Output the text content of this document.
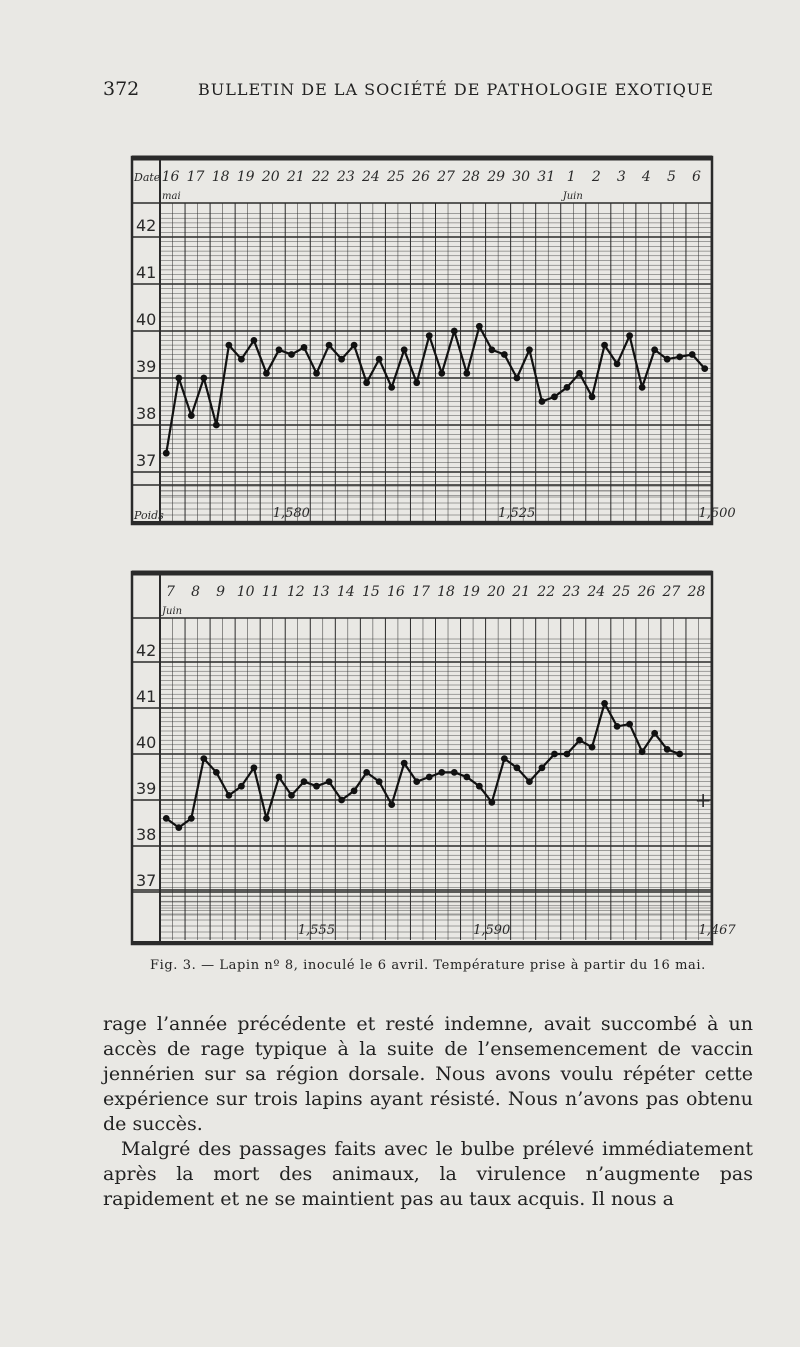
372	BULLETIN DE LA SOCIÉTÉ DE PATHOLOGIE EXOTIQUE
42
41
40
39
38
37
16 17 18 19 20 21 22 23 24 25 26 27 28 29 30 31 1 2 3 4 5 6
mai	Juin
Date
Poids	1,580	1,525	1,500
42
41
40
39
38
37
7 8 9 10 11 12 13 14 15 16 17 18 19 20 21 22 23 24 25 26 27 28
Juin
+
1,555	1,590	1,467
Fig. 3. — Lapin nº 8, inoculé le 6 avril. Température prise à partir du 16 mai.

rage l’année précédente et resté indemne, avait succombé à un accès de rage typique à la suite de l’ensemencement de vaccin jennérien sur sa région dorsale. Nous avons voulu répéter cette expérience sur trois lapins ayant résisté. Nous n’avons pas obtenu de succès.

Malgré des passages faits avec le bulbe prélevé immédiatement après la mort des animaux, la virulence n’augmente pas rapidement et ne se maintient pas au taux acquis. Il nous a
